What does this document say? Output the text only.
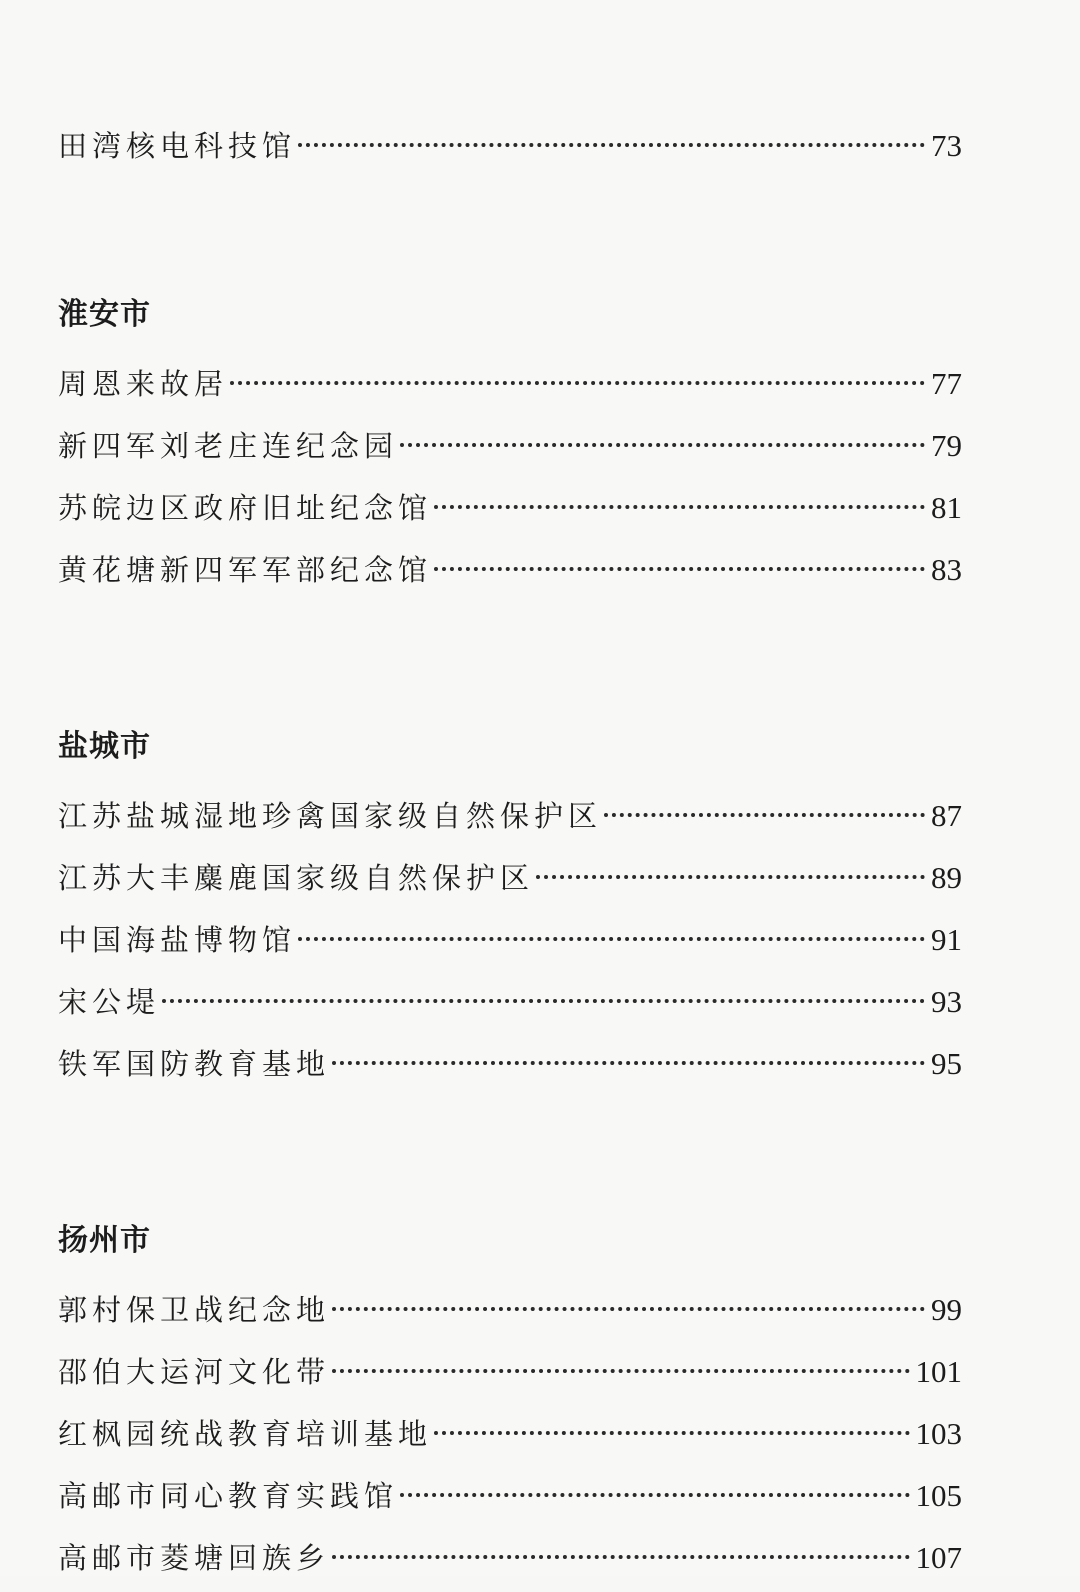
田湾核电科技馆	73
淮安市
周恩来故居	77
新四军刘老庄连纪念园	79
苏皖边区政府旧址纪念馆	81
黄花塘新四军军部纪念馆	83
盐城市
江苏盐城湿地珍禽国家级自然保护区	87
江苏大丰麋鹿国家级自然保护区	89
中国海盐博物馆	91
宋公堤	93
铁军国防教育基地	95
扬州市
郭村保卫战纪念地	99
邵伯大运河文化带	101
红枫园统战教育培训基地	103
高邮市同心教育实践馆	105
高邮市菱塘回族乡	107
